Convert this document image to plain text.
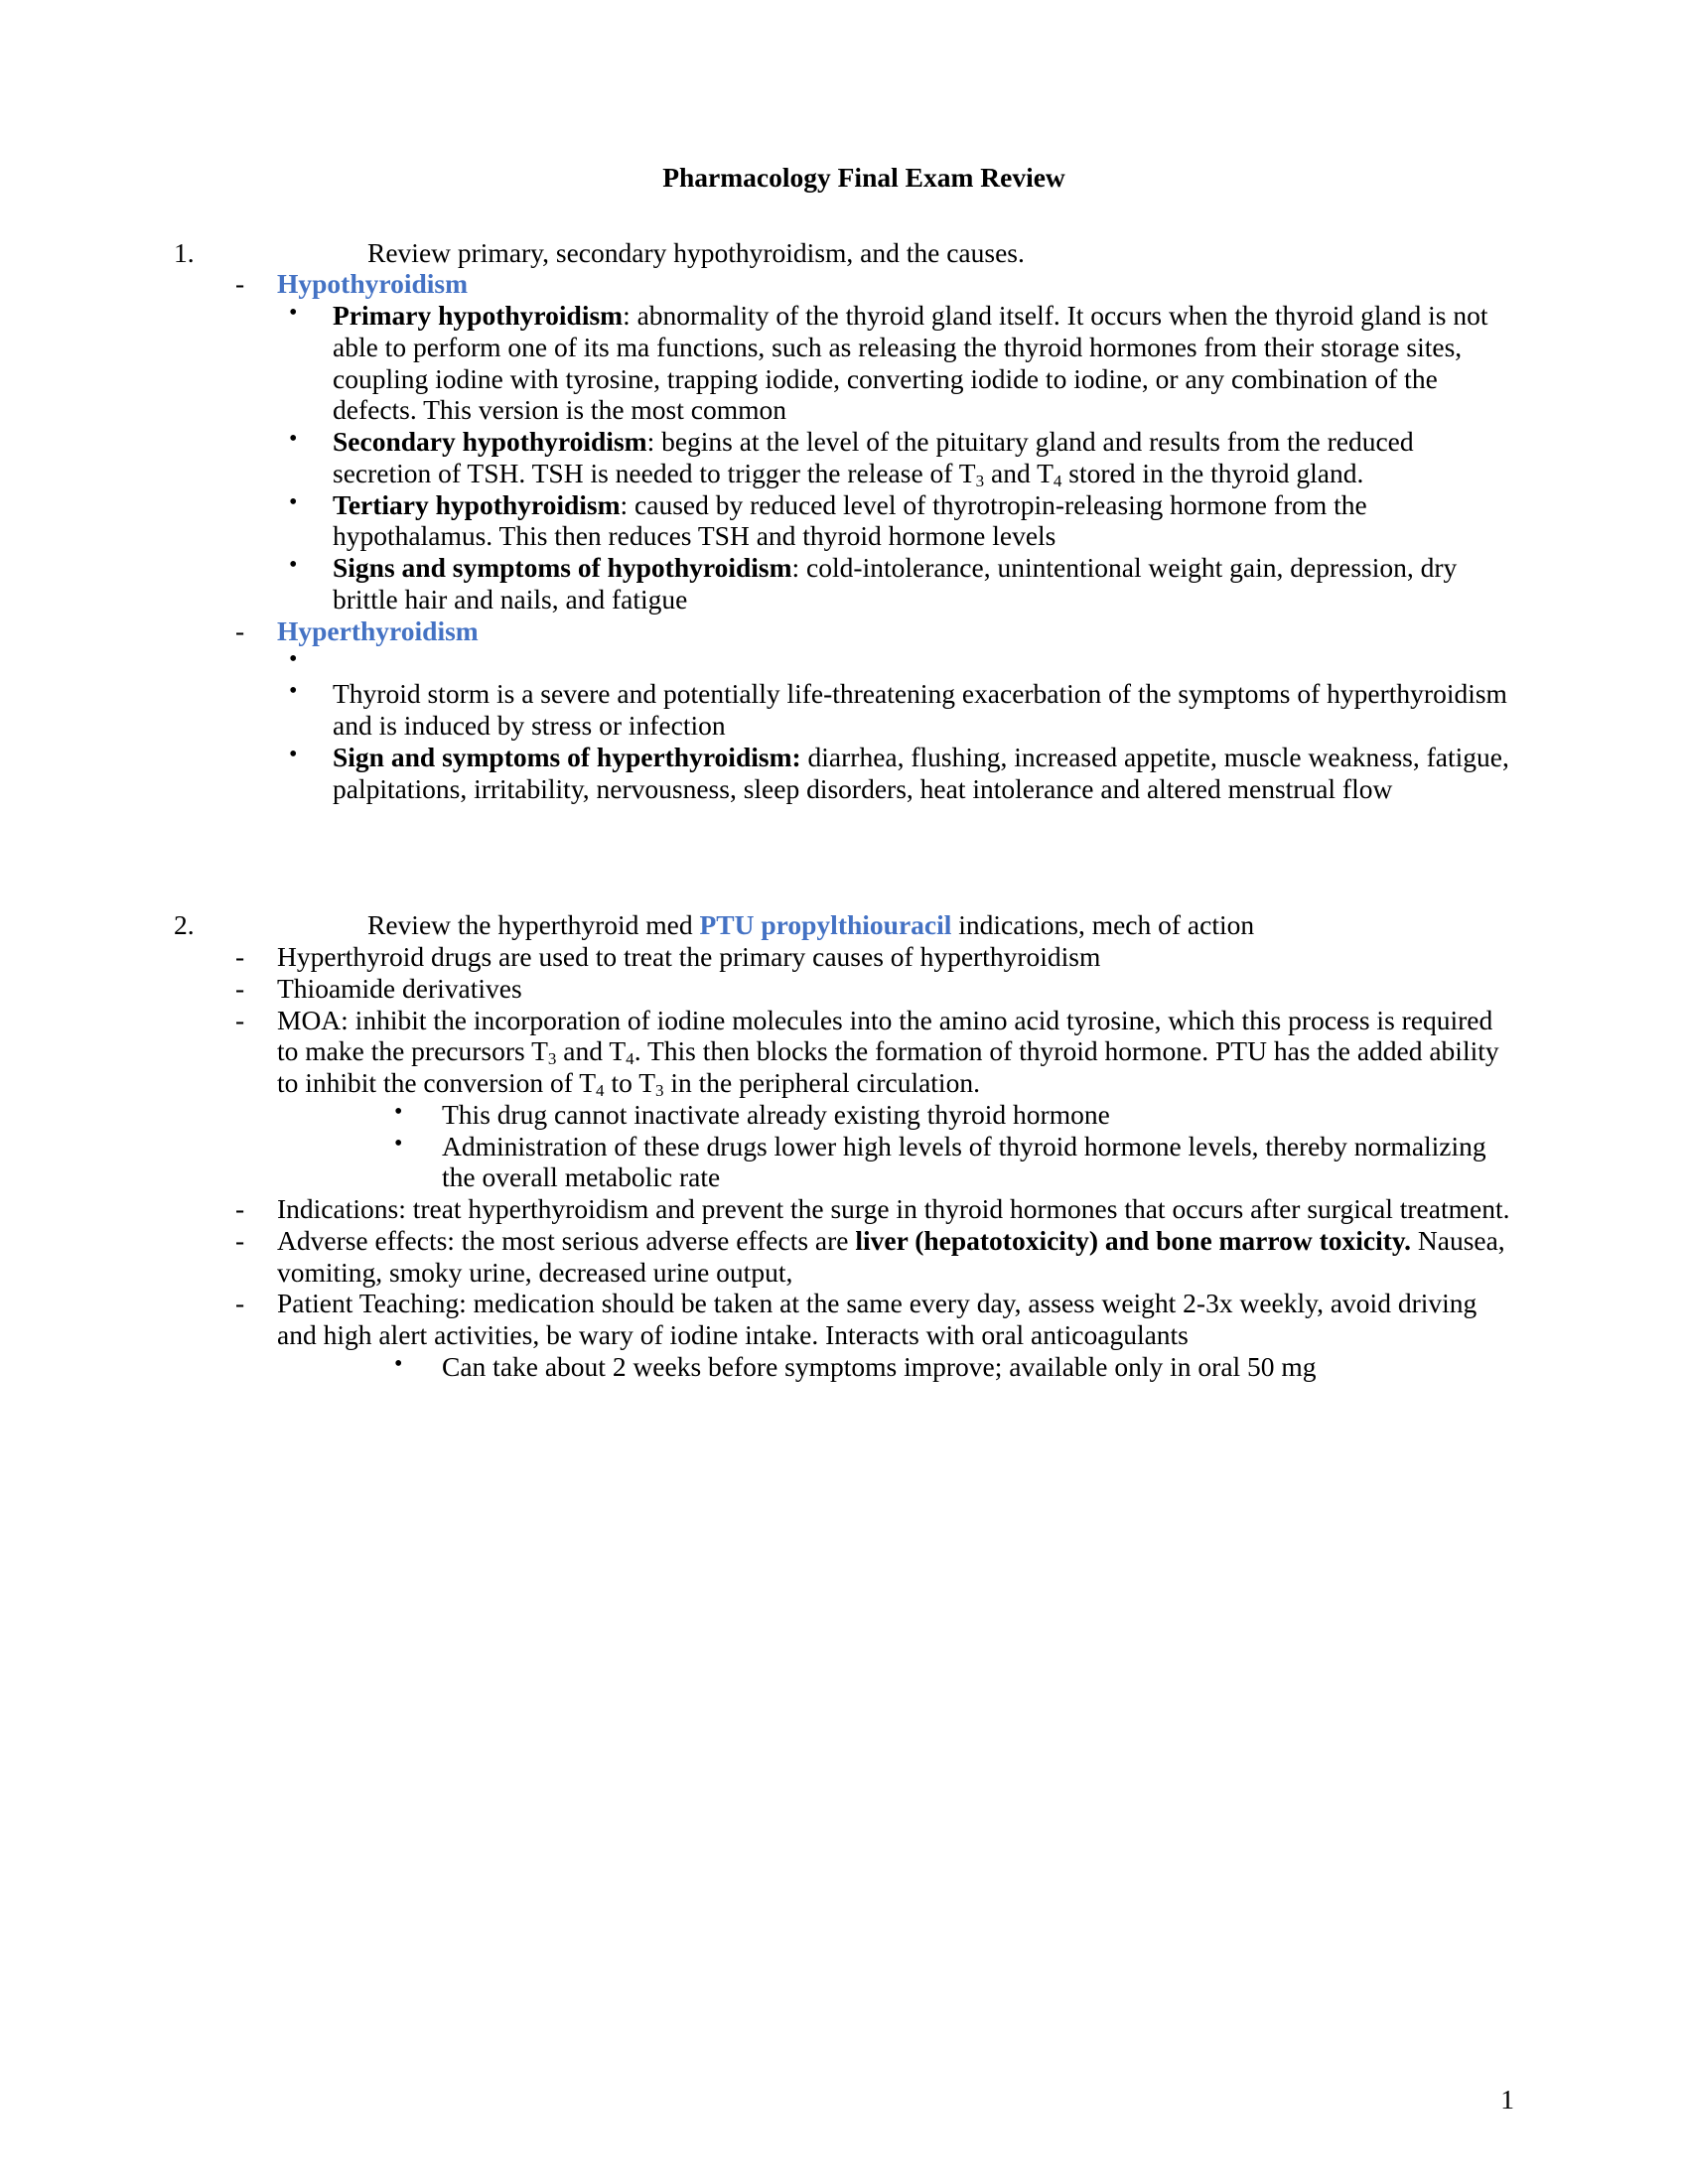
Pharmacology Final Exam Review
1.	Review primary, secondary hypothyroidism, and the causes.
- Hypothyroidism
• Primary hypothyroidism: abnormality of the thyroid gland itself. It occurs when the thyroid gland is not able to perform one of its ma functions, such as releasing the thyroid hormones from their storage sites, coupling iodine with tyrosine, trapping iodide, converting iodide to iodine, or any combination of the defects. This version is the most common
• Secondary hypothyroidism: begins at the level of the pituitary gland and results from the reduced secretion of TSH. TSH is needed to trigger the release of $T_3$ and $T_4$ stored in the thyroid gland.
• Tertiary hypothyroidism: caused by reduced level of thyrotropin-releasing hormone from the hypothalamus. This then reduces TSH and thyroid hormone levels
• Signs and symptoms of hypothyroidism: cold-intolerance, unintentional weight gain, depression, dry brittle hair and nails, and fatigue
- Hyperthyroidism
•
• Thyroid storm is a severe and potentially life-threatening exacerbation of the symptoms of hyperthyroidism and is induced by stress or infection
• Sign and symptoms of hyperthyroidism: diarrhea, flushing, increased appetite, muscle weakness, fatigue, palpitations, irritability, nervousness, sleep disorders, heat intolerance and altered menstrual flow
2.	Review the hyperthyroid med PTU propylthiouracil indications, mech of action
- Hyperthyroid drugs are used to treat the primary causes of hyperthyroidism
- Thioamide derivatives
- MOA: inhibit the incorporation of iodine molecules into the amino acid tyrosine, which this process is required to make the precursors $T_3$ and $T_4$. This then blocks the formation of thyroid hormone. PTU has the added ability to inhibit the conversion of $T_4$ to $T_3$ in the peripheral circulation.
• This drug cannot inactivate already existing thyroid hormone
• Administration of these drugs lower high levels of thyroid hormone levels, thereby normalizing the overall metabolic rate
- Indications: treat hyperthyroidism and prevent the surge in thyroid hormones that occurs after surgical treatment.
- Adverse effects: the most serious adverse effects are liver (hepatotoxicity) and bone marrow toxicity. Nausea, vomiting, smoky urine, decreased urine output,
- Patient Teaching: medication should be taken at the same every day, assess weight 2-3x weekly, avoid driving and high alert activities, be wary of iodine intake. Interacts with oral anticoagulants
• Can take about 2 weeks before symptoms improve; available only in oral 50 mg
1
